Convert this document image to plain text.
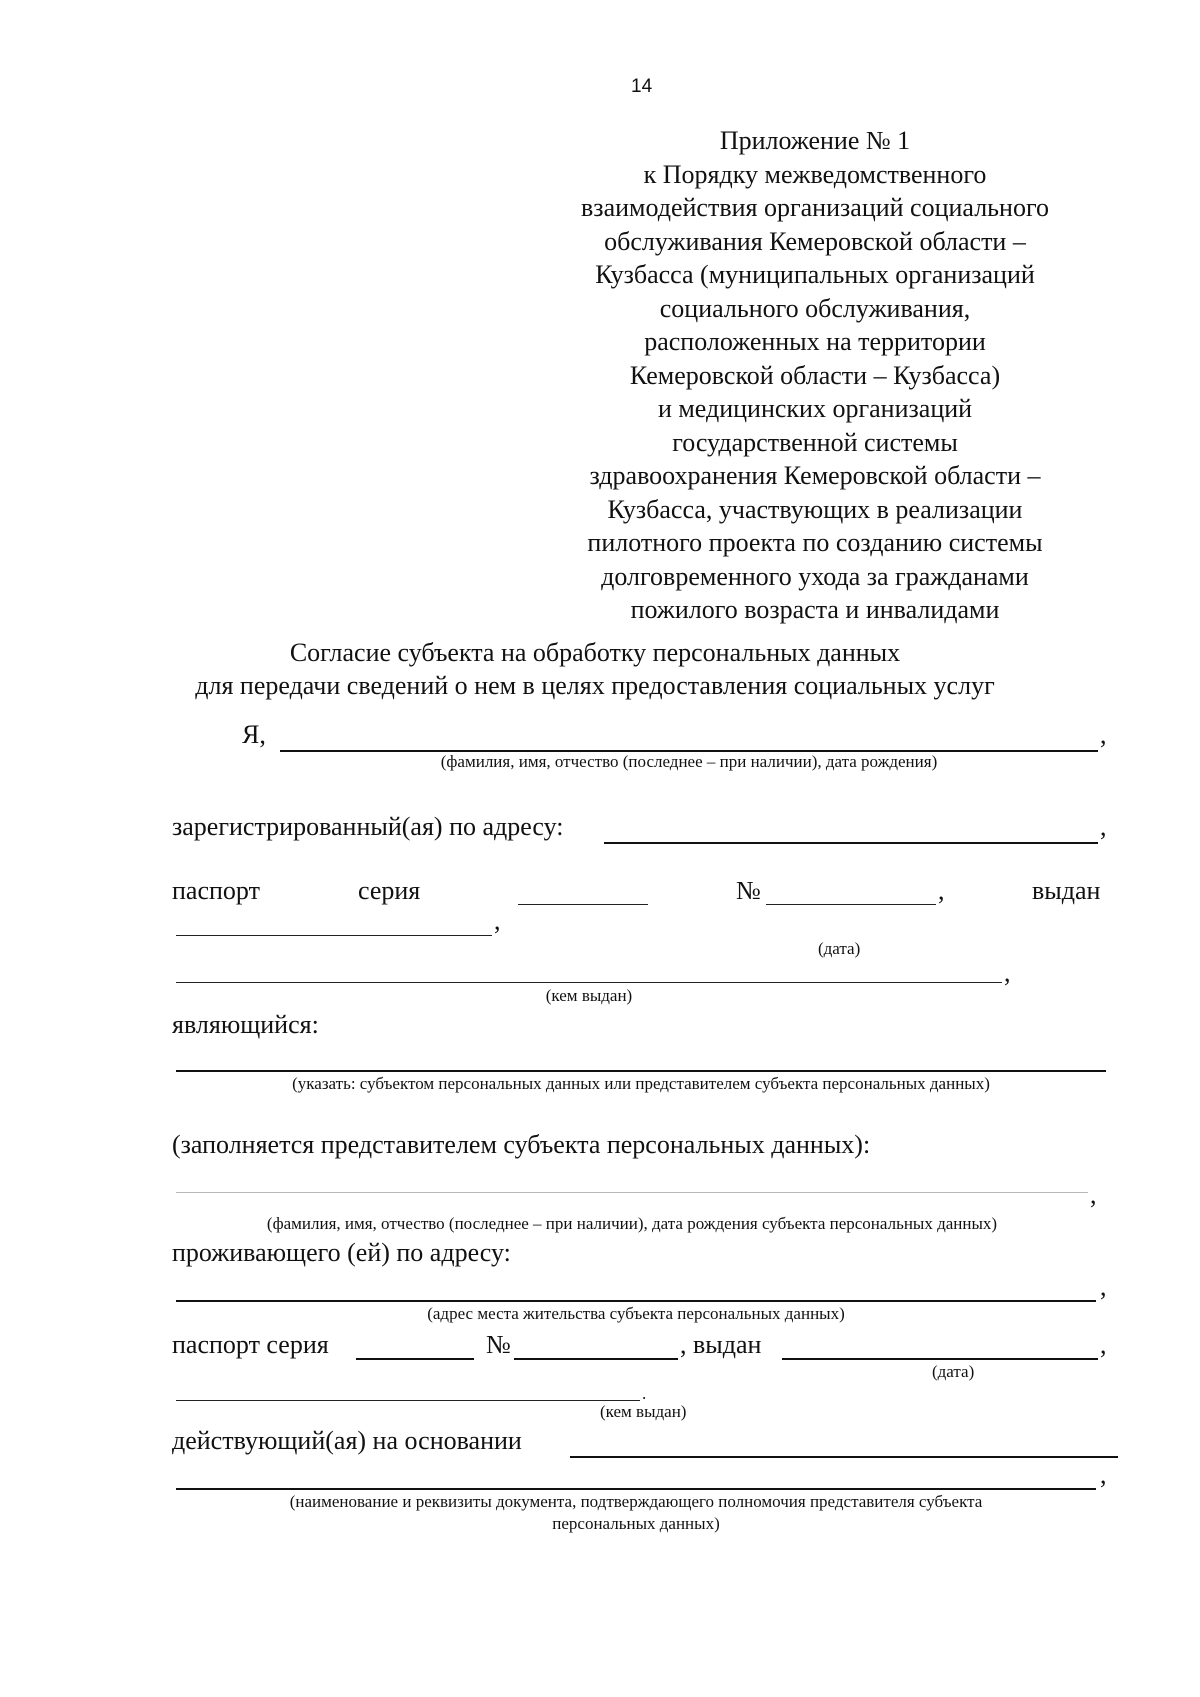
14
Приложение № 1
к Порядку межведомственного
взаимодействия организаций социального
обслуживания Кемеровской области –
Кузбасса (муниципальных организаций
социального обслуживания,
расположенных на территории
Кемеровской области – Кузбасса)
и медицинских организаций
государственной системы
здравоохранения Кемеровской области –
Кузбасса, участвующих в реализации
пилотного проекта по созданию системы
долговременного ухода за гражданами
пожилого возраста и инвалидами
Согласие субъекта на обработку персональных данных
для передачи сведений о нем в целях предоставления социальных услуг
Я,	,
(фамилия, имя, отчество (последнее – при наличии), дата рождения)
зарегистрированный(ая) по адресу:	,
паспорт	серия	№	,	выдан
,
(дата)
,
(кем выдан)
являющийся:
(указать: субъектом персональных данных или представителем субъекта персональных данных)
(заполняется представителем субъекта персональных данных):
,
(фамилия, имя, отчество (последнее – при наличии), дата рождения субъекта персональных данных)
проживающего (ей) по адресу:
,
(адрес места жительства субъекта персональных данных)
паспорт серия	№	, выдан	,
(дата)
.
(кем выдан)
действующий(ая) на основании
,
(наименование и реквизиты документа, подтверждающего полномочия представителя субъекта
персональных данных)
